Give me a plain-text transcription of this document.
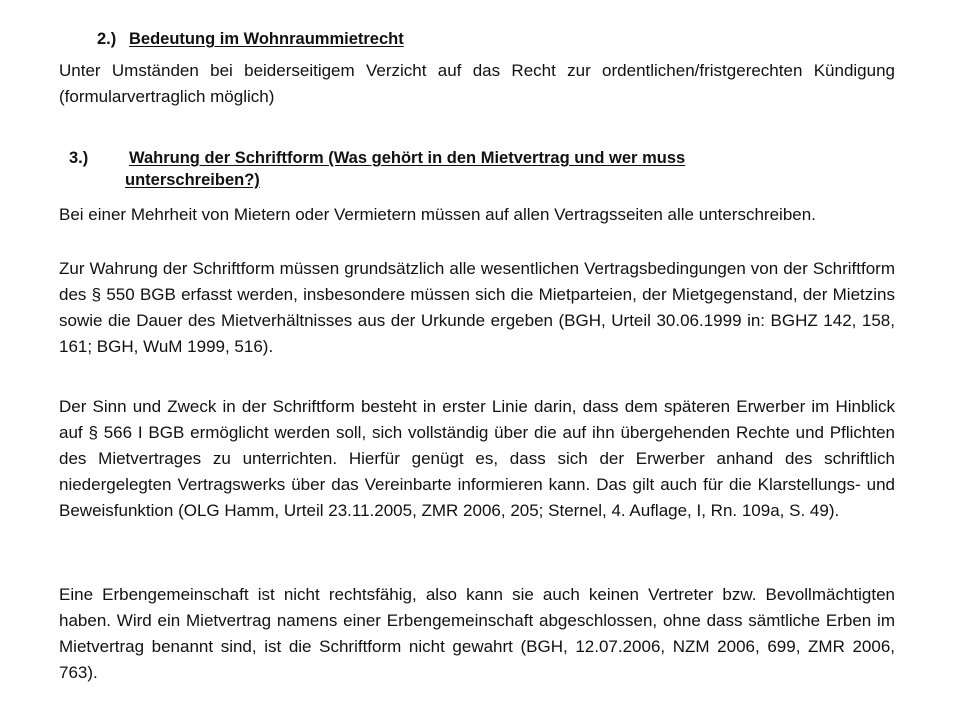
2.) Bedeutung im Wohnraummietrecht

Unter Umständen bei beiderseitigem Verzicht auf das Recht zur ordentlichen/fristgerechten Kündigung (formularvertraglich möglich)

3.) Wahrung der Schriftform (Was gehört in den Mietvertrag und wer muss unterschreiben?)

Bei einer Mehrheit von Mietern oder Vermietern müssen auf allen Vertragsseiten alle unterschreiben.

Zur Wahrung der Schriftform müssen grundsätzlich alle wesentlichen Vertragsbedingungen von der Schriftform des § 550 BGB erfasst werden, insbesondere müssen sich die Mietparteien, der Mietgegenstand, der Mietzins sowie die Dauer des Mietverhältnisses aus der Urkunde ergeben (BGH, Urteil 30.06.1999 in: BGHZ 142, 158, 161; BGH, WuM 1999, 516).

Der Sinn und Zweck in der Schriftform besteht in erster Linie darin, dass dem späteren Erwerber im Hinblick auf § 566 I BGB ermöglicht werden soll, sich vollständig über die auf ihn übergehenden Rechte und Pflichten des Mietvertrages zu unterrichten. Hierfür genügt es, dass sich der Erwerber anhand des schriftlich niedergelegten Vertragswerks über das Vereinbarte informieren kann. Das gilt auch für die Klarstellungs- und Beweisfunktion (OLG Hamm, Urteil 23.11.2005, ZMR 2006, 205; Sternel, 4. Auflage, I, Rn. 109a, S. 49).

Eine Erbengemeinschaft ist nicht rechtsfähig, also kann sie auch keinen Vertreter bzw. Bevollmächtigten haben. Wird ein Mietvertrag namens einer Erbengemeinschaft abgeschlossen, ohne dass sämtliche Erben im Mietvertrag benannt sind, ist die Schriftform nicht gewahrt (BGH, 12.07.2006, NZM 2006, 699, ZMR 2006, 763).
